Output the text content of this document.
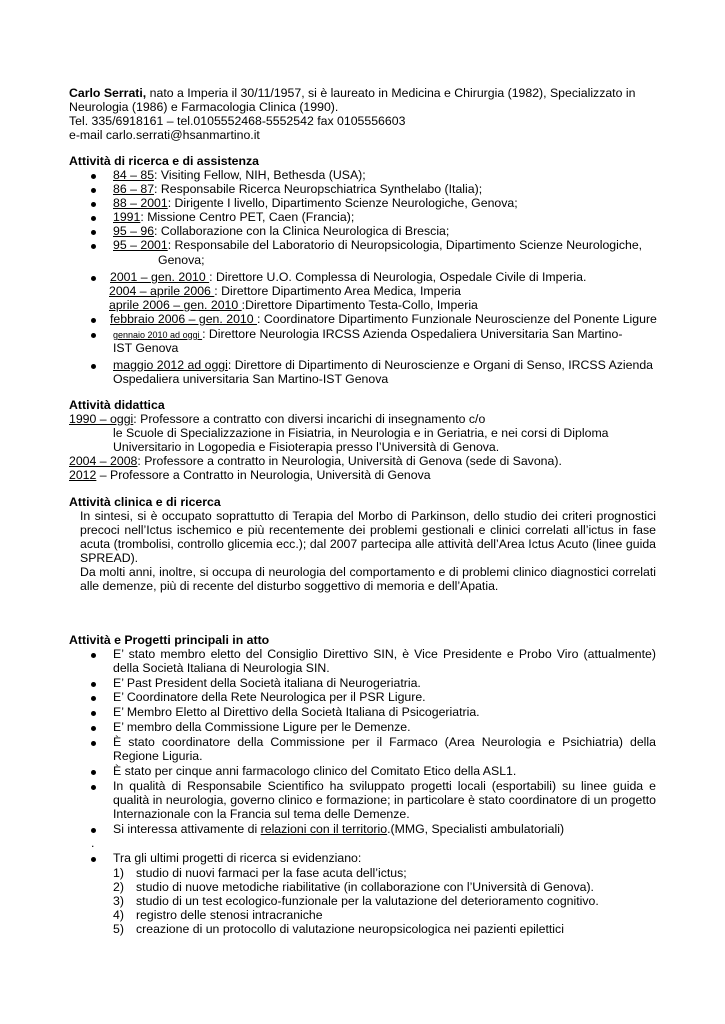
Carlo Serrati, nato a Imperia il 30/11/1957, si è laureato in Medicina e Chirurgia (1982), Specializzato in
Neurologia (1986) e Farmacologia Clinica (1990).
Tel. 335/6918161 – tel.0105552468-5552542 fax 0105556603
e-mail carlo.serrati@hsanmartino.it
Attività di ricerca e di assistenza
84 – 85: Visiting Fellow, NIH, Bethesda (USA);
86 – 87: Responsabile Ricerca Neuropschiatrica Synthelabo (Italia);
88 – 2001: Dirigente I livello, Dipartimento Scienze Neurologiche, Genova;
1991: Missione Centro PET, Caen (Francia);
95 – 96: Collaborazione con la Clinica Neurologica di Brescia;
95 – 2001: Responsabile del Laboratorio di Neuropsicologia, Dipartimento Scienze Neurologiche,
Genova;
2001 – gen. 2010 : Direttore U.O. Complessa di Neurologia, Ospedale Civile di Imperia.
2004 – aprile 2006 : Direttore Dipartimento Area Medica, Imperia
aprile 2006 – gen. 2010 :Direttore Dipartimento Testa-Collo, Imperia
febbraio 2006 – gen. 2010 : Coordinatore Dipartimento Funzionale Neuroscienze del Ponente Ligure
gennaio 2010 ad oggi : Direttore Neurologia IRCSS Azienda Ospedaliera Universitaria San Martino-
IST Genova
maggio 2012 ad oggi: Direttore di Dipartimento di Neuroscienze e Organi di Senso, IRCSS Azienda
Ospedaliera universitaria San Martino-IST Genova
Attività didattica
1990 – oggi: Professore a contratto con diversi incarichi di insegnamento c/o
le Scuole di Specializzazione in Fisiatria, in Neurologia e in Geriatria, e nei corsi di Diploma
Universitario in Logopedia e Fisioterapia presso l’Università di Genova.
2004 – 2008: Professore a contratto in Neurologia, Università di Genova (sede di Savona).
2012 – Professore a Contratto in Neurologia, Università di Genova
Attività clinica e di ricerca
In sintesi, si è occupato soprattutto di Terapia del Morbo di Parkinson, dello studio dei criteri prognostici
precoci nell’Ictus ischemico e più recentemente dei problemi gestionali e clinici correlati all’ictus in fase
acuta (trombolisi, controllo glicemia ecc.); dal 2007 partecipa alle attività dell’Area Ictus Acuto (linee guida
SPREAD).
Da molti anni, inoltre, si occupa di neurologia del comportamento e di problemi clinico diagnostici correlati
alle demenze, più di recente del disturbo soggettivo di memoria e dell’Apatia.
Attività e Progetti principali in atto
E’ stato membro eletto del Consiglio Direttivo SIN, è Vice Presidente e Probo Viro (attualmente)
della Società Italiana di Neurologia SIN.
E’ Past President della Società italiana di Neurogeriatria.
E’ Coordinatore della Rete Neurologica per il PSR Ligure.
E’ Membro Eletto al Direttivo della Società Italiana di Psicogeriatria.
E’ membro della Commissione Ligure per le Demenze.
È stato coordinatore della Commissione per il Farmaco (Area Neurologia e Psichiatria) della
Regione Liguria.
È stato per cinque anni farmacologo clinico del Comitato Etico della ASL1.
In qualità di Responsabile Scientifico ha sviluppato progetti locali (esportabili) su linee guida e
qualità in neurologia, governo clinico e formazione; in particolare è stato coordinatore di un progetto
Internazionale con la Francia sul tema delle Demenze.
Si interessa attivamente di relazioni con il territorio.(MMG, Specialisti ambulatoriali)
.
Tra gli ultimi progetti di ricerca si evidenziano:
1) studio di nuovi farmaci per la fase acuta dell’ictus;
2) studio di nuove metodiche riabilitative (in collaborazione con l’Università di Genova).
3) studio di un test ecologico-funzionale per la valutazione del deterioramento cognitivo.
4) registro delle stenosi intracraniche
5) creazione di un protocollo di valutazione neuropsicologica nei pazienti epilettici
